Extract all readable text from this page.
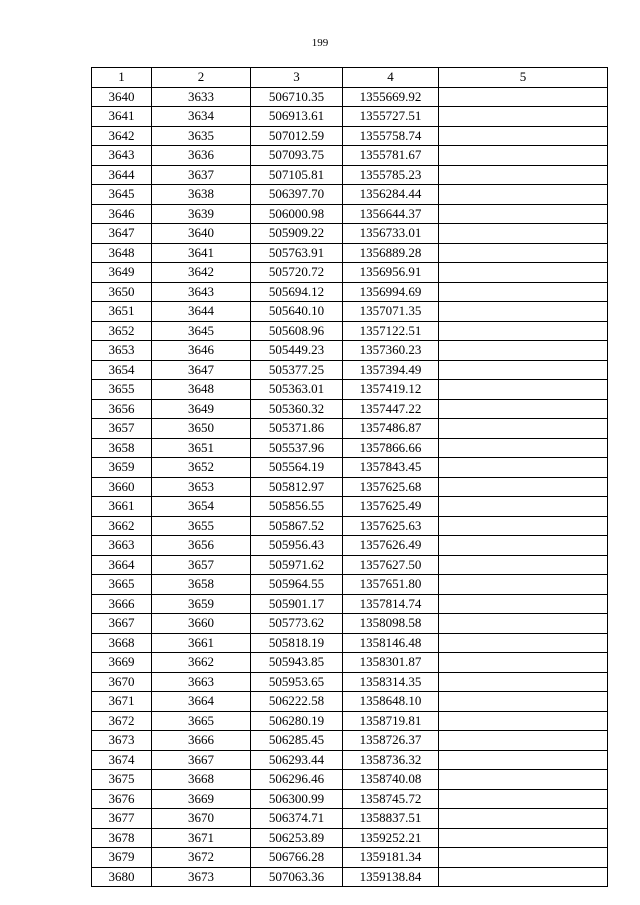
199
1	2	3	4	5
3640	3633	506710.35	1355669.92	
3641	3634	506913.61	1355727.51	
3642	3635	507012.59	1355758.74	
3643	3636	507093.75	1355781.67	
3644	3637	507105.81	1355785.23	
3645	3638	506397.70	1356284.44	
3646	3639	506000.98	1356644.37	
3647	3640	505909.22	1356733.01	
3648	3641	505763.91	1356889.28	
3649	3642	505720.72	1356956.91	
3650	3643	505694.12	1356994.69	
3651	3644	505640.10	1357071.35	
3652	3645	505608.96	1357122.51	
3653	3646	505449.23	1357360.23	
3654	3647	505377.25	1357394.49	
3655	3648	505363.01	1357419.12	
3656	3649	505360.32	1357447.22	
3657	3650	505371.86	1357486.87	
3658	3651	505537.96	1357866.66	
3659	3652	505564.19	1357843.45	
3660	3653	505812.97	1357625.68	
3661	3654	505856.55	1357625.49	
3662	3655	505867.52	1357625.63	
3663	3656	505956.43	1357626.49	
3664	3657	505971.62	1357627.50	
3665	3658	505964.55	1357651.80	
3666	3659	505901.17	1357814.74	
3667	3660	505773.62	1358098.58	
3668	3661	505818.19	1358146.48	
3669	3662	505943.85	1358301.87	
3670	3663	505953.65	1358314.35	
3671	3664	506222.58	1358648.10	
3672	3665	506280.19	1358719.81	
3673	3666	506285.45	1358726.37	
3674	3667	506293.44	1358736.32	
3675	3668	506296.46	1358740.08	
3676	3669	506300.99	1358745.72	
3677	3670	506374.71	1358837.51	
3678	3671	506253.89	1359252.21	
3679	3672	506766.28	1359181.34	
3680	3673	507063.36	1359138.84	
